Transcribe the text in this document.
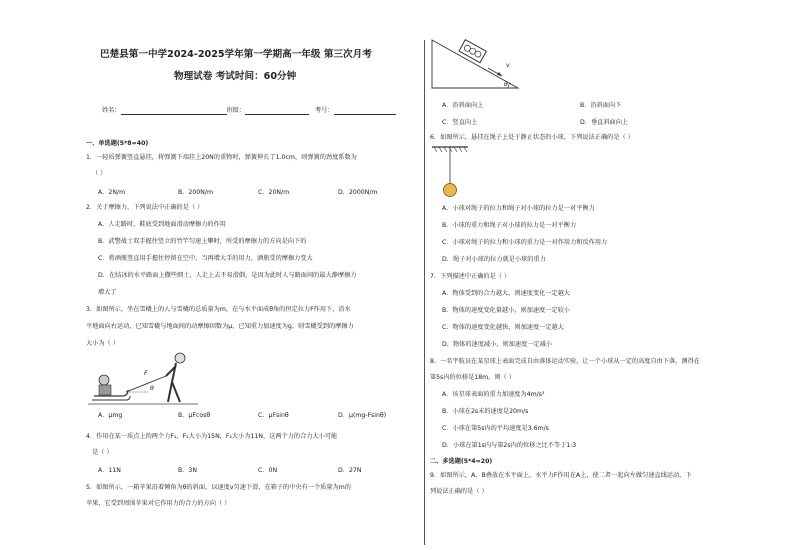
巴楚县第一中学2024-2025学年第一学期高一年级 第三次月考
物理试卷 考试时间：60分钟
姓名：	班级：	考号：
一、单选题(5*8=40)
1．一轻质弹簧竖直悬挂，将弹簧下端挂上20N的重物时，弹簧伸长了1.0cm，则弹簧的劲度系数为
（ ）
A．2N/m	B．200N/m	C．20N/m	D．2000N/m
2．关于摩擦力，下列说法中正确的是（ ）
A．人走路时，鞋底受到地面滑动摩擦力的作用
B．武警战士双手握住竖立的竹竿匀速上攀时，所受的摩擦力的方向是向下的
C．将酒瓶竖直用手握住停留在空中，当再增大手的用力，酒瓶受的摩擦力变大
D．在结冰的水平路面上撒些细土，人走上去不易滑倒，是因为此时人与路面间的最大静摩擦力
增大了
3．如图所示，坐在雪橇上的人与雪橇的总质量为m，在与水平面成θ角的恒定拉力F作用下，沿水
平地面向右运动，已知雪橇与地面间的动摩擦因数为μ，已知重力加速度为g，则雪橇受到的摩擦力
大小为（ ）
F
θ
A．μmg	B．μFcosθ	C．μFsinθ	D．μ(mg-Fsinθ)
4．作用在某一质点上的两个力F₁、F₂大小为15N，F₂大小为11N，这两个力的合力大小可能
是（ ）
A．11N	B．3N	C．0N	D．27N
5．如图所示，一箱苹果沿着倾角为θ的斜面，以速度v匀速下滑，在箱子的中央有一个质量为m的
苹果，它受到周围苹果对它作用力的合力的方向（ ）
v
θ
A．沿斜面向上	B．沿斜面向下
C．竖直向上	D．垂直斜面向上
6．如图所示，悬挂在绳子上处于静止状态的小球，下列说法正确的是（ ）
A．小球对绳子的拉力和绳子对小球的拉力是一对平衡力
B．小球的重力和绳子对小球的拉力是一对平衡力
C．小球对绳子的拉力和小球的重力是一对作用力和反作用力
D．绳子对小球的拉力就是小球的重力
7．下列描述中正确的是（ ）
A．物体受到的合力越大，则速度变化一定越大
B．物体的速度变化量越小，则加速度一定较小
C．物体的速度变化越快，则加速度一定越大
D．物体的速度减小，则加速度一定减小
8．一名宇航员在某星球上表面完成自由落体运动实验，让一个小球从一定的高度自由下落，测得在
第5s内的位移是18m，则（ ）
A．该星球表面的重力加速度为4m/s²
B．小球在2s末的速度是20m/s
C．小球在第5s内的平均速度是3.6m/s
D．小球在第1s内与第2s内的位移之比不等于1:3
二、多选题(5*4=20)
9．如图所示，A、B叠放在水平面上，水平力F作用在A上，使二者一起向左做匀速直线运动，下
列说法正确的是（ ）
